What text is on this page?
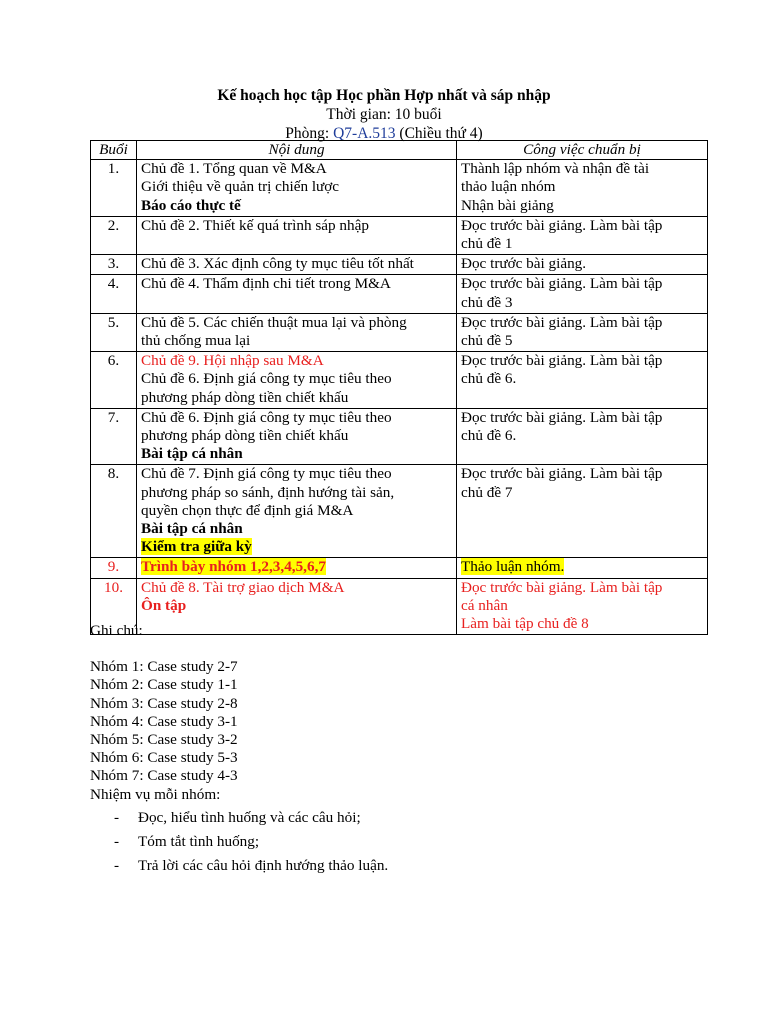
Kế hoạch học tập Học phần Hợp nhất và sáp nhập
Thời gian: 10 buổi
Phòng: Q7-A.513 (Chiều thứ 4)
Buổi	Nội dung	Công việc chuẩn bị
1.	Chủ đề 1. Tổng quan về M&A
Giới thiệu về quản trị chiến lược
Báo cáo thực tế	Thành lập nhóm và nhận đề tài
thảo luận nhóm
Nhận bài giảng

2.	Chủ đề 2. Thiết kế quá trình sáp nhập	Đọc trước bài giảng. Làm bài tập
chủ đề 1

3.	Chủ đề 3. Xác định công ty mục tiêu tốt nhất	Đọc trước bài giảng.

4.	Chủ đề 4. Thẩm định chi tiết trong M&A	Đọc trước bài giảng. Làm bài tập
chủ đề 3

5.	Chủ đề 5. Các chiến thuật mua lại và phòng
thủ chống mua lại	Đọc trước bài giảng. Làm bài tập
chủ đề 5

6.	Chủ đề 9. Hội nhập sau M&A
Chủ đề 6. Định giá công ty mục tiêu theo
phương pháp dòng tiền chiết khấu	Đọc trước bài giảng. Làm bài tập
chủ đề 6.

7.	Chủ đề 6. Định giá công ty mục tiêu theo
phương pháp dòng tiền chiết khấu
Bài tập cá nhân	Đọc trước bài giảng. Làm bài tập
chủ đề 6.

8.	Chủ đề 7. Định giá công ty mục tiêu theo
phương pháp so sánh, định hướng tài sản,
quyền chọn thực để định giá M&A
Bài tập cá nhân
Kiểm tra giữa kỳ	Đọc trước bài giảng. Làm bài tập
chủ đề 7

9.	Trình bày nhóm 1,2,3,4,5,6,7	Thảo luận nhóm.

10.	Chủ đề 8. Tài trợ giao dịch M&A
Ôn tập	Đọc trước bài giảng. Làm bài tập
cá nhân
Làm bài tập chủ đề 8
Ghi chú:
Nhóm 1: Case study 2-7
Nhóm 2: Case study 1-1
Nhóm 3: Case study 2-8
Nhóm 4: Case study 3-1
Nhóm 5: Case study 3-2
Nhóm 6: Case study 5-3
Nhóm 7: Case study 4-3
Nhiệm vụ mỗi nhóm:
- Đọc, hiểu tình huống và các câu hỏi;
- Tóm tắt tình huống;
- Trả lời các câu hỏi định hướng thảo luận.
